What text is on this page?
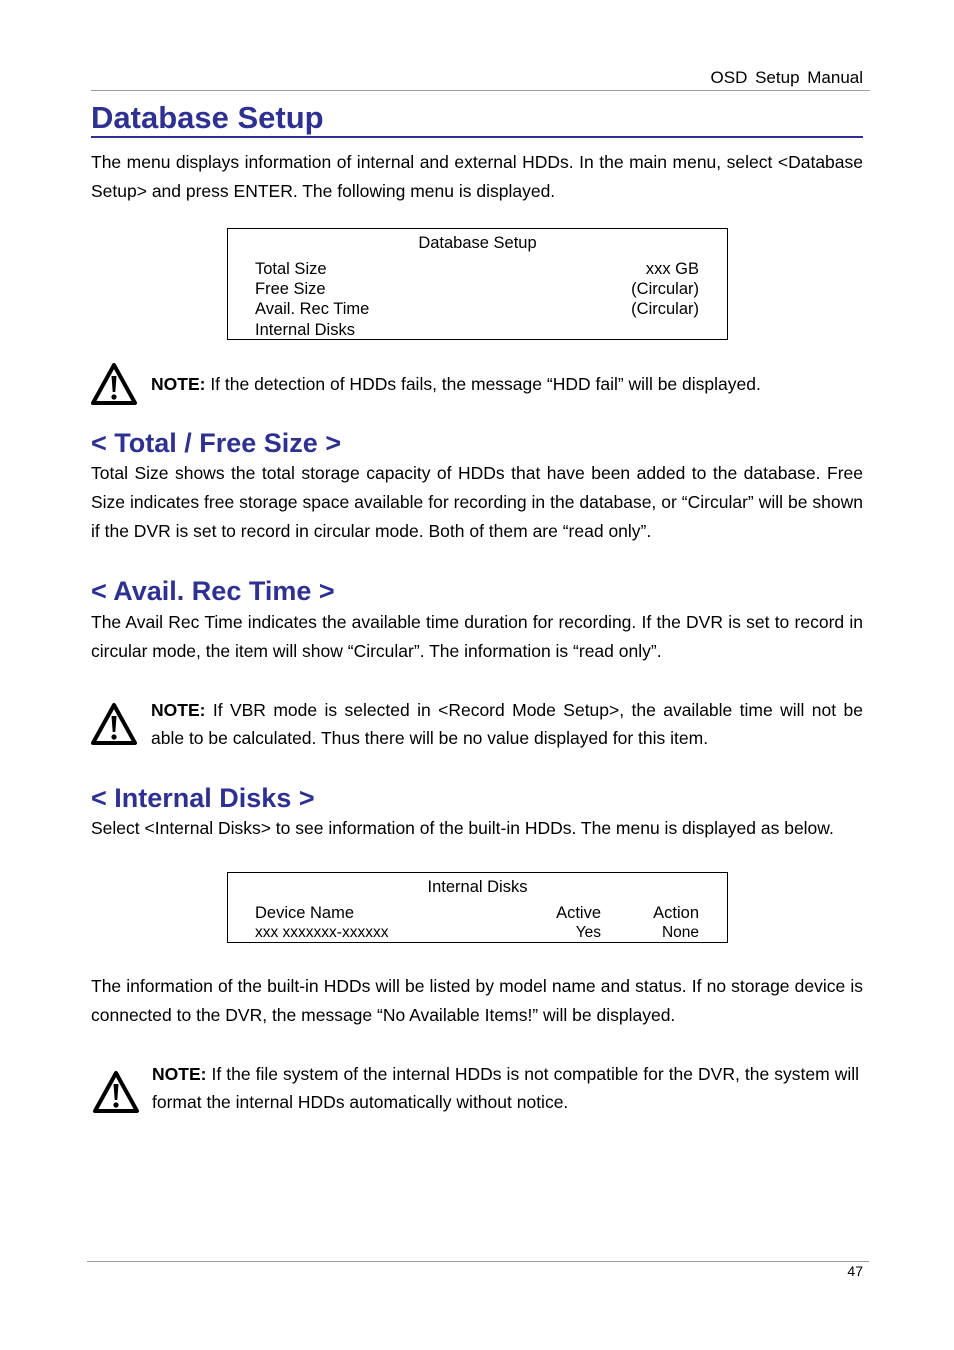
OSD Setup Manual
Database Setup

The menu displays information of internal and external HDDs. In the main menu, select <Database Setup> and press ENTER. The following menu is displayed.

Database Setup
Total Size	xxx GB
Free Size	(Circular)
Avail. Rec Time	(Circular)
Internal Disks

NOTE: If the detection of HDDs fails, the message “HDD fail” will be displayed.

< Total / Free Size >

Total Size shows the total storage capacity of HDDs that have been added to the database. Free Size indicates free storage space available for recording in the database, or “Circular” will be shown if the DVR is set to record in circular mode. Both of them are “read only”.

< Avail. Rec Time >

The Avail Rec Time indicates the available time duration for recording. If the DVR is set to record in circular mode, the item will show “Circular”. The information is “read only”.

NOTE: If VBR mode is selected in <Record Mode Setup>, the available time will not be able to be calculated. Thus there will be no value displayed for this item.

< Internal Disks >

Select <Internal Disks> to see information of the built-in HDDs. The menu is displayed as below.

Internal Disks
Device Name	Active	Action
xxx xxxxxxx-xxxxxx	Yes	None

The information of the built-in HDDs will be listed by model name and status. If no storage device is connected to the DVR, the message “No Available Items!” will be displayed.

NOTE: If the file system of the internal HDDs is not compatible for the DVR, the system will format the internal HDDs automatically without notice.

47
